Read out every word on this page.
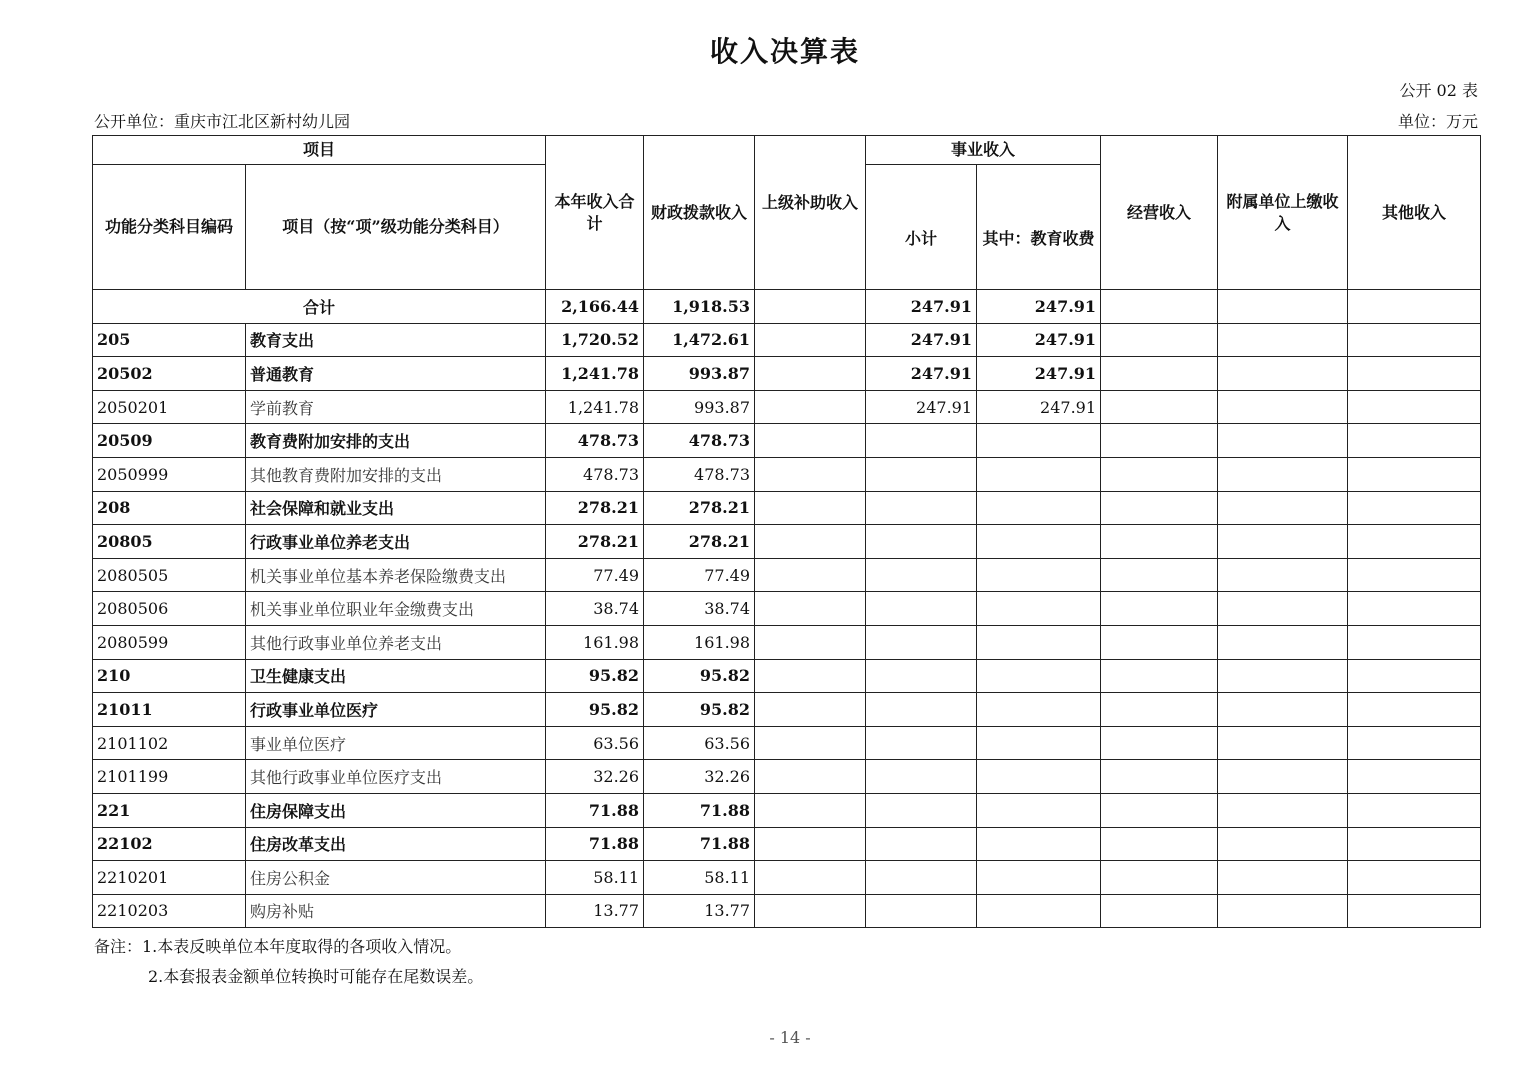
收入决算表
公开 02 表
公开单位：重庆市江北区新村幼儿园	单位：万元
项目		本年收入合计	财政拨款收入	上级补助收入	事业收入		经营收入	附属单位上缴收入	其他收入
功能分类科目编码	项目（按“项”级功能分类科目）				小计	其中：教育收费			
合计		2,166.44	1,918.53		247.91	247.91			
205	教育支出	1,720.52	1,472.61		247.91	247.91			
20502	普通教育	1,241.78	993.87		247.91	247.91			
2050201	学前教育	1,241.78	993.87		247.91	247.91			
20509	教育费附加安排的支出	478.73	478.73						
2050999	其他教育费附加安排的支出	478.73	478.73						
208	社会保障和就业支出	278.21	278.21						
20805	行政事业单位养老支出	278.21	278.21						
2080505	机关事业单位基本养老保险缴费支出	77.49	77.49						
2080506	机关事业单位职业年金缴费支出	38.74	38.74						
2080599	其他行政事业单位养老支出	161.98	161.98						
210	卫生健康支出	95.82	95.82						
21011	行政事业单位医疗	95.82	95.82						
2101102	事业单位医疗	63.56	63.56						
2101199	其他行政事业单位医疗支出	32.26	32.26						
221	住房保障支出	71.88	71.88						
22102	住房改革支出	71.88	71.88						
2210201	住房公积金	58.11	58.11						
2210203	购房补贴	13.77	13.77						
备注：1.本表反映单位本年度取得的各项收入情况。
2.本套报表金额单位转换时可能存在尾数误差。
- 14 -
